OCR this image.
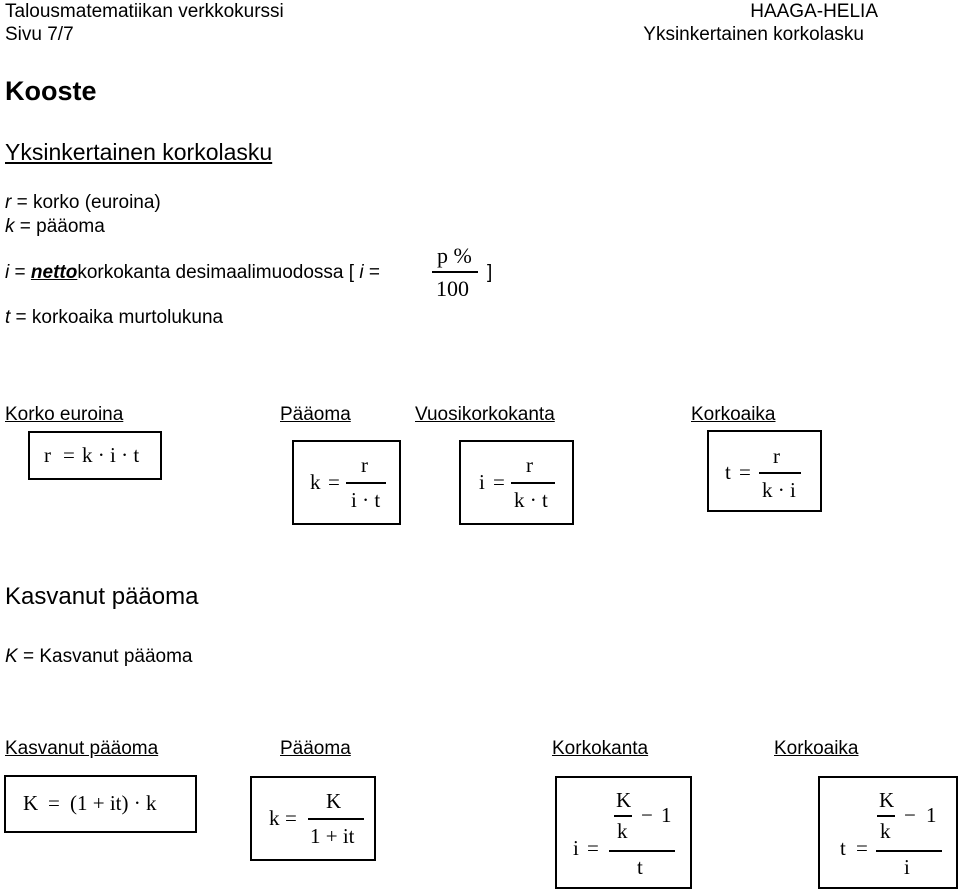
Talousmatematiikan verkkokurssi
Sivu 7/7
HAAGA-HELIA
Yksinkertainen korkolasku
Kooste
Yksinkertainen korkolasku
r = korko (euroina)
k = pääoma
i = nettokorkokanta desimaalimuodossa [ i =
p %
100
]
t = korkoaika murtolukuna
Korko euroina	Pääoma	Vuosikorkokanta	Korkoaika
r = k · i · t
k =
r
i · t
i =
r
k · t
t =
r
k · i
Kasvanut pääoma
K = Kasvanut pääoma
Kasvanut pääoma	Pääoma	Korkokanta	Korkoaika
K = (1 + it) · k
k =
K
1 + it	i =
K
k
− 1
t
t =
K
k
− 1
i
